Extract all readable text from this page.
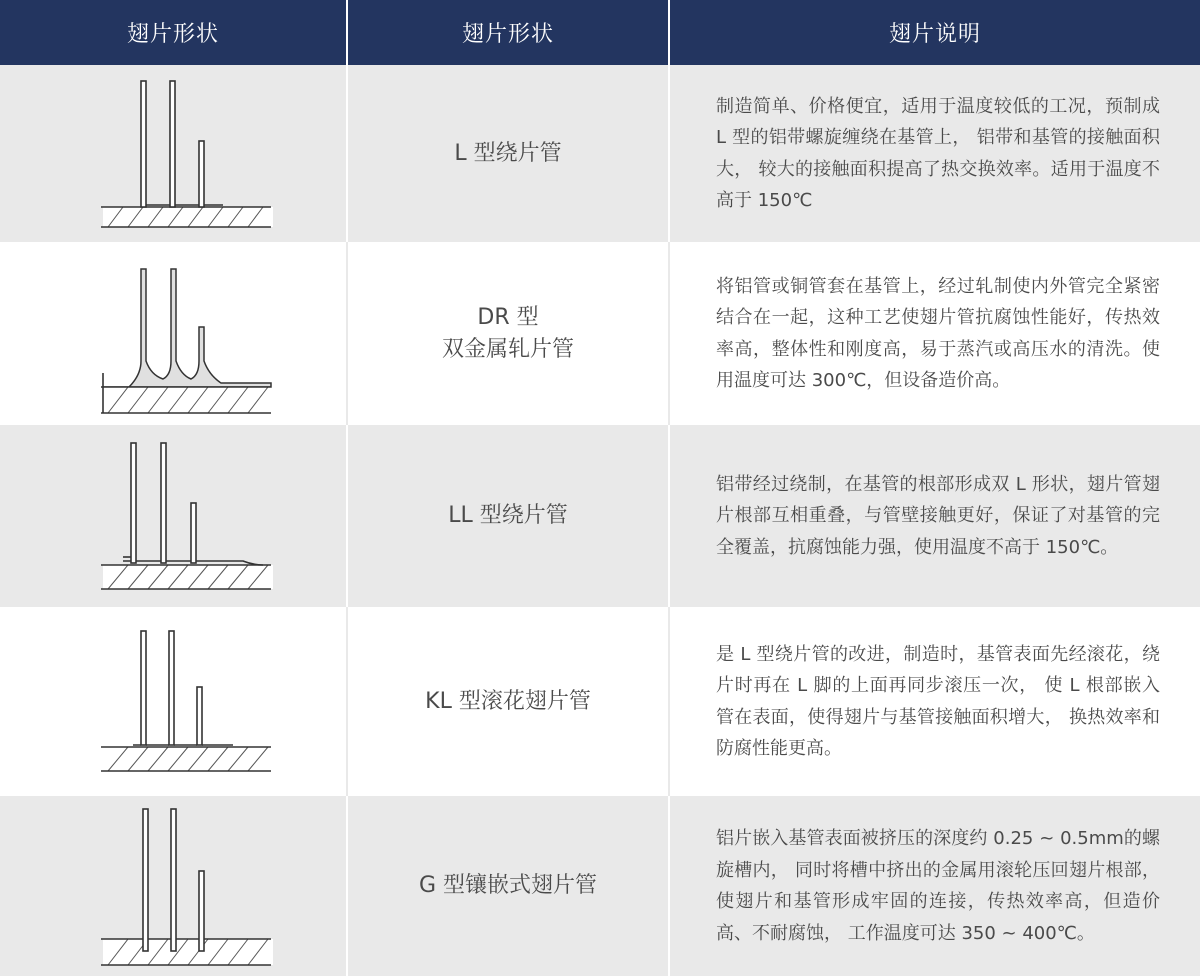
翅片形状	翅片形状	翅片说明
L 型绕片管
制造简单、价格便宜，适用于温度较低的工况，预制成 L 型的铝带螺旋缠绕在基管上， 铝带和基管的接触面积大， 较大的接触面积提高了热交换效率。适用于温度不高于 150℃
DR 型
双金属轧片管
将铝管或铜管套在基管上，经过轧制使内外管完全紧密结合在一起，这种工艺使翅片管抗腐蚀性能好，传热效率高，整体性和刚度高，易于蒸汽或高压水的清洗。使用温度可达 300℃，但设备造价高。
LL 型绕片管
铝带经过绕制，在基管的根部形成双 L 形状，翅片管翅片根部互相重叠，与管壁接触更好，保证了对基管的完全覆盖，抗腐蚀能力强，使用温度不高于 150℃。
KL 型滚花翅片管
是 L 型绕片管的改进，制造时，基管表面先经滚花，绕片时再在 L 脚的上面再同步滚压一次， 使 L 根部嵌入管在表面，使得翅片与基管接触面积增大， 换热效率和防腐性能更高。
G 型镶嵌式翅片管
铝片嵌入基管表面被挤压的深度约 0.25 ~ 0.5mm的螺旋槽内， 同时将槽中挤出的金属用滚轮压回翅片根部，使翅片和基管形成牢固的连接，传热效率高，但造价高、不耐腐蚀， 工作温度可达 350 ~ 400℃。
